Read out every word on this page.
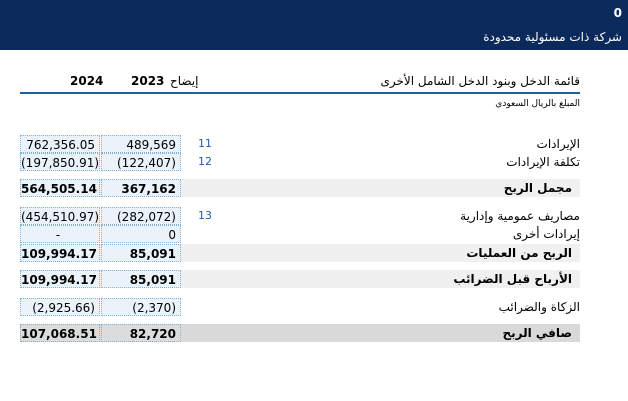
0
شركة ذات مسئولية محدودة
2024 2023 إيضاح	قائمة الدخل وبنود الدخل الشامل الأخرى
المبلغ بالريال السعودي
762,356.05	489,569	11	الإيرادات
(197,850.91)	(122,407)	12	تكلفة الإيرادات
564,505.14	367,162	مجمل الربح
(454,510.97)	(282,072)	13	مصاريف عمومية وإدارية
-	0	إيرادات أخرى
109,994.17	85,091	الربح من العمليات
109,994.17	85,091	الأرباح قبل الضرائب
(2,925.66)	(2,370)	الزكاة والضرائب
107,068.51	82,720	صافي الربح
